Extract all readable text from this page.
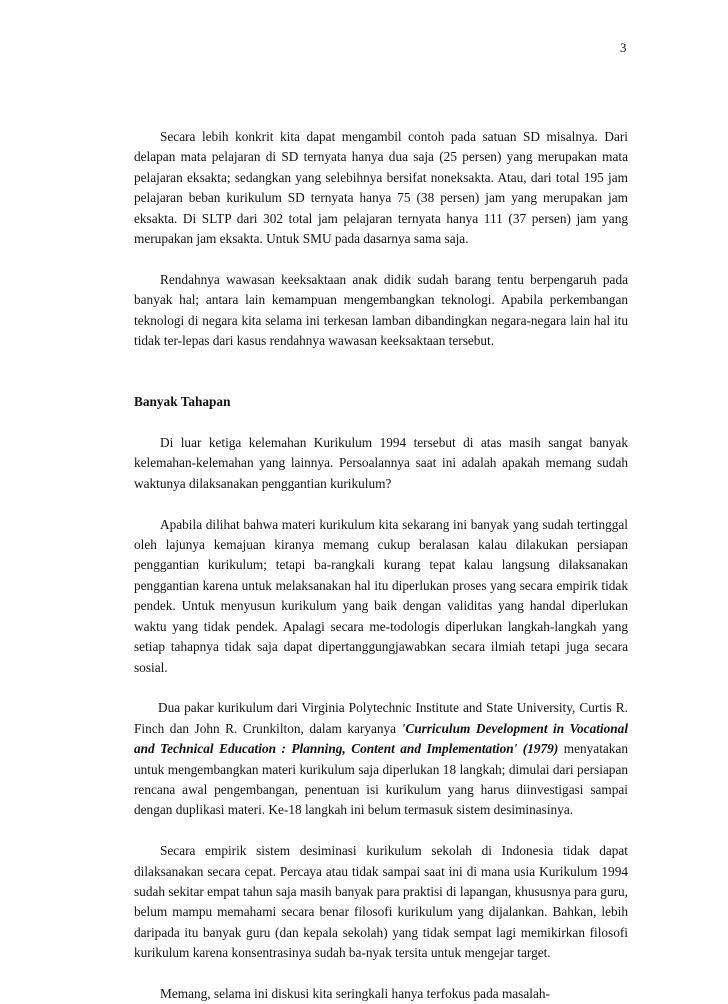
3

Secara lebih konkrit kita dapat mengambil contoh pada satuan SD misalnya. Dari delapan mata pelajaran di SD ternyata hanya dua saja (25 persen) yang merupakan mata pelajaran eksakta; sedangkan yang selebihnya bersifat noneksakta. Atau, dari total 195 jam pelajaran beban kurikulum SD ternyata hanya 75 (38 persen) jam yang merupakan jam eksakta. Di SLTP dari 302 total jam pelajaran ternyata hanya 111 (37 persen) jam yang merupakan jam eksakta. Untuk SMU pada dasarnya sama saja.

Rendahnya wawasan keeksaktaan anak didik sudah barang tentu berpengaruh pada banyak hal; antara lain kemampuan mengembangkan teknologi. Apabila perkembangan teknologi di negara kita selama ini terkesan lamban dibandingkan negara-negara lain hal itu tidak ter-lepas dari kasus rendahnya wawasan keeksaktaan tersebut.

Banyak Tahapan

Di luar ketiga kelemahan Kurikulum 1994 tersebut di atas masih sangat banyak kelemahan-kelemahan yang lainnya. Persoalannya saat ini adalah apakah memang sudah waktunya dilaksanakan penggantian kurikulum?

Apabila dilihat bahwa materi kurikulum kita sekarang ini banyak yang sudah tertinggal oleh lajunya kemajuan kiranya memang cukup beralasan kalau dilakukan persiapan penggantian kurikulum; tetapi ba-rangkali kurang tepat kalau langsung dilaksanakan penggantian karena untuk melaksanakan hal itu diperlukan proses yang secara empirik tidak pendek. Untuk menyusun kurikulum yang baik dengan validitas yang handal diperlukan waktu yang tidak pendek. Apalagi secara me-todologis diperlukan langkah-langkah yang setiap tahapnya tidak saja dapat dipertanggungjawabkan secara ilmiah tetapi juga secara sosial.

Dua pakar kurikulum dari Virginia Polytechnic Institute and State University, Curtis R. Finch dan John R. Crunkilton, dalam karyanya 'Curriculum Development in Vocational and Technical Education : Planning, Content and Implementation' (1979) menyatakan untuk mengembangkan materi kurikulum saja diperlukan 18 langkah; dimulai dari persiapan rencana awal pengembangan, penentuan isi kurikulum yang harus diinvestigasi sampai dengan duplikasi materi. Ke-18 langkah ini belum termasuk sistem desiminasinya.

Secara empirik sistem desiminasi kurikulum sekolah di Indonesia tidak dapat dilaksanakan secara cepat. Percaya atau tidak sampai saat ini di mana usia Kurikulum 1994 sudah sekitar empat tahun saja masih banyak para praktisi di lapangan, khususnya para guru, belum mampu memahami secara benar filosofi kurikulum yang dijalankan. Bahkan, lebih daripada itu banyak guru (dan kepala sekolah) yang tidak sempat lagi memikirkan filosofi kurikulum karena konsentrasinya sudah ba-nyak tersita untuk mengejar target.

Memang, selama ini diskusi kita seringkali hanya terfokus pada masalah-
